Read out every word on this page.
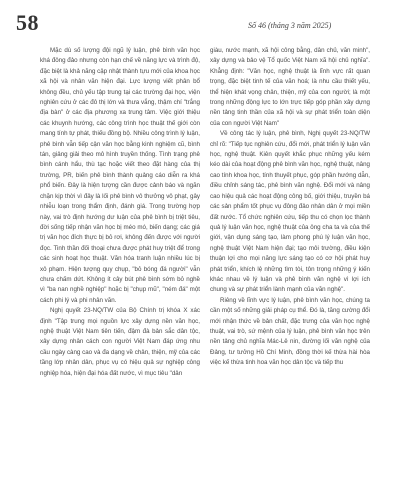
58	Số 46 (tháng 3 năm 2025)

Mặc dù số lượng đội ngũ lý luận, phê bình văn học khá đông đảo nhưng còn hạn chế về năng lực và trình độ, đặc biệt là khả năng cập nhật thành tựu mới của khoa học xã hội và nhân văn hiện đại. Lực lượng viết phân bổ không đều, chủ yếu tập trung tại các trường đại học, viện nghiên cứu ở các đô thị lớn và thưa vắng, thậm chí "trắng địa bàn" ở các địa phương xa trung tâm. Việc giới thiệu các khuynh hướng, các công trình học thuật thế giới còn mang tính tự phát, thiếu đồng bộ. Nhiều công trình lý luận, phê bình vẫn tiếp cận văn học bằng kinh nghiệm cũ, bình tán, giảng giải theo mô hình truyền thống. Tình trạng phê bình cánh hẩu, thù tạc hoặc viết theo đặt hàng của thị trường, PR, biến phê bình thành quảng cáo diễn ra khá phổ biến. Đây là hiện tượng cần được cảnh báo và ngăn chặn kịp thời vì đây là lối phê bình vô thưởng vô phạt, gây nhiễu loạn trong thẩm định, đánh giá. Trong trường hợp này, vai trò định hướng dư luận của phê bình bị triệt tiêu, đời sống tiếp nhận văn học bị méo mó, biến dạng; các giá trị văn học đích thực bị bỏ rơi, không đến được với người đọc. Tinh thần đối thoại chưa được phát huy triệt để trong các sinh hoạt học thuật. Văn hóa tranh luận nhiều lúc bị xô phạm. Hiện tượng quy chụp, "bỏ bóng đá người" vẫn chưa chấm dứt. Không ít cây bút phê bình sớm bỏ nghề vì "ba nan nghề nghiệp" hoặc bị "chụp mũ", "ném đá" một cách phi lý và phi nhân văn.

Nghị quyết 23-NQ/TW của Bộ Chính trị khóa X xác định "Tập trung mọi nguồn lực xây dựng nền văn học, nghệ thuật Việt Nam tiên tiến, đậm đà bản sắc dân tộc, xây dựng nhân cách con người Việt Nam đáp ứng nhu cầu ngày càng cao và đa dạng về chân, thiện, mỹ của các tầng lớp nhân dân, phục vụ có hiệu quả sự nghiệp công nghiệp hóa, hiện đại hóa đất nước, vì mục tiêu "dân

giàu, nước mạnh, xã hội công bằng, dân chủ, văn minh", xây dựng và bảo vệ Tổ quốc Việt Nam xã hội chủ nghĩa". Khẳng định: "Văn học, nghệ thuật là lĩnh vực rất quan trọng, đặc biệt tinh tế của văn hoá; là nhu cầu thiết yếu, thể hiện khát vọng chân, thiện, mỹ của con người; là một trong những động lực to lớn trực tiếp góp phần xây dựng nền tảng tinh thần của xã hội và sự phát triển toàn diện của con người Việt Nam"

Về công tác lý luận, phê bình, Nghị quyết 23-NQ/TW chỉ rõ: "Tiếp tục nghiên cứu, đổi mới, phát triển lý luận văn học, nghệ thuật. Kiên quyết khắc phục những yếu kém kéo dài của hoạt động phê bình văn học, nghệ thuật, nâng cao tính khoa học, tính thuyết phục, góp phần hướng dẫn, điều chỉnh sáng tác, phê bình văn nghệ. Đổi mới và nâng cao hiệu quả các hoạt động công bố, giới thiệu, truyền bá các sản phẩm tốt phục vụ đông đảo nhân dân ở mọi miền đất nước. Tổ chức nghiên cứu, tiếp thu có chọn lọc thành quả lý luận văn học, nghệ thuật của ông cha ta và của thế giới, vận dụng sáng tạo, làm phong phú lý luận văn học, nghệ thuật Việt Nam hiện đại; tạo môi trường, điều kiện thuận lợi cho mọi năng lực sáng tạo có cơ hội phát huy phát triển, khích lệ những tìm tòi, tôn trọng những ý kiến khác nhau về lý luận và phê bình văn nghệ vì lợi ích chung và sự phát triển lành mạnh của văn nghệ".

Riêng về lĩnh vực lý luận, phê bình văn học, chúng ta cần một số những giải pháp cụ thể. Đó là, tăng cường đổi mới nhận thức về bản chất, đặc trưng của văn học nghệ thuật, vai trò, sứ mệnh của lý luận, phê bình văn học trên nền tảng chủ nghĩa Mác-Lê nin, đường lối văn nghệ của Đảng, tư tưởng Hồ Chí Minh, đồng thời kế thừa hài hòa việc kế thừa tinh hoa văn học dân tộc và tiếp thu
